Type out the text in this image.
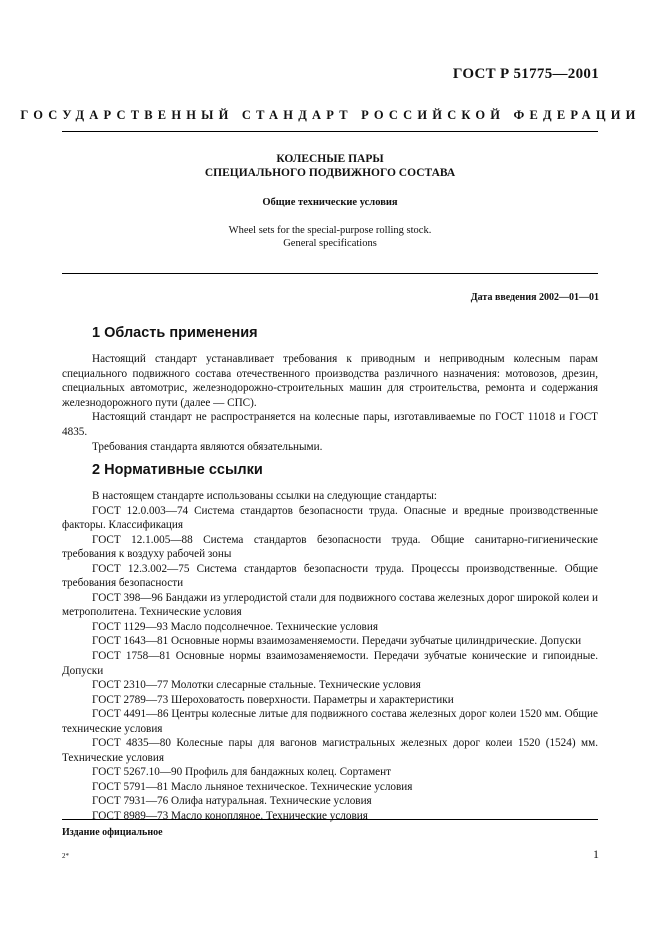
ГОСТ Р 51775—2001
ГОСУДАРСТВЕННЫЙ СТАНДАРТ РОССИЙСКОЙ ФЕДЕРАЦИИ
КОЛЕСНЫЕ ПАРЫ
СПЕЦИАЛЬНОГО ПОДВИЖНОГО СОСТАВА
Общие технические условия
Wheel sets for the special-purpose rolling stock.
General specifications
Дата введения 2002—01—01
1 Область применения

Настоящий стандарт устанавливает требования к приводным и неприводным колесным парам специального подвижного состава отечественного производства различного назначения: мотовозов, дрезин, специальных автомотрис, железнодорожно-строительных машин для строительства, ремонта и содержания железнодорожного пути (далее — СПС).

Настоящий стандарт не распространяется на колесные пары, изготавливаемые по ГОСТ 11018 и ГОСТ 4835.

Требования стандарта являются обязательными.

2 Нормативные ссылки

В настоящем стандарте использованы ссылки на следующие стандарты:

ГОСТ 12.0.003—74 Система стандартов безопасности труда. Опасные и вредные производственные факторы. Классификация

ГОСТ 12.1.005—88 Система стандартов безопасности труда. Общие санитарно-гигиенические требования к воздуху рабочей зоны

ГОСТ 12.3.002—75 Система стандартов безопасности труда. Процессы производственные. Общие требования безопасности

ГОСТ 398—96 Бандажи из углеродистой стали для подвижного состава железных дорог широкой колеи и метрополитена. Технические условия

ГОСТ 1129—93 Масло подсолнечное. Технические условия

ГОСТ 1643—81 Основные нормы взаимозаменяемости. Передачи зубчатые цилиндрические. Допуски

ГОСТ 1758—81 Основные нормы взаимозаменяемости. Передачи зубчатые конические и гипоидные. Допуски

ГОСТ 2310—77 Молотки слесарные стальные. Технические условия

ГОСТ 2789—73 Шероховатость поверхности. Параметры и характеристики

ГОСТ 4491—86 Центры колесные литые для подвижного состава железных дорог колеи 1520 мм. Общие технические условия

ГОСТ 4835—80 Колесные пары для вагонов магистральных железных дорог колеи 1520 (1524) мм. Технические условия

ГОСТ 5267.10—90 Профиль для бандажных колец. Сортамент

ГОСТ 5791—81 Масло льняное техническое. Технические условия

ГОСТ 7931—76 Олифа натуральная. Технические условия

ГОСТ 8989—73 Масло конопляное. Технические условия

Издание официальное
2*	1
